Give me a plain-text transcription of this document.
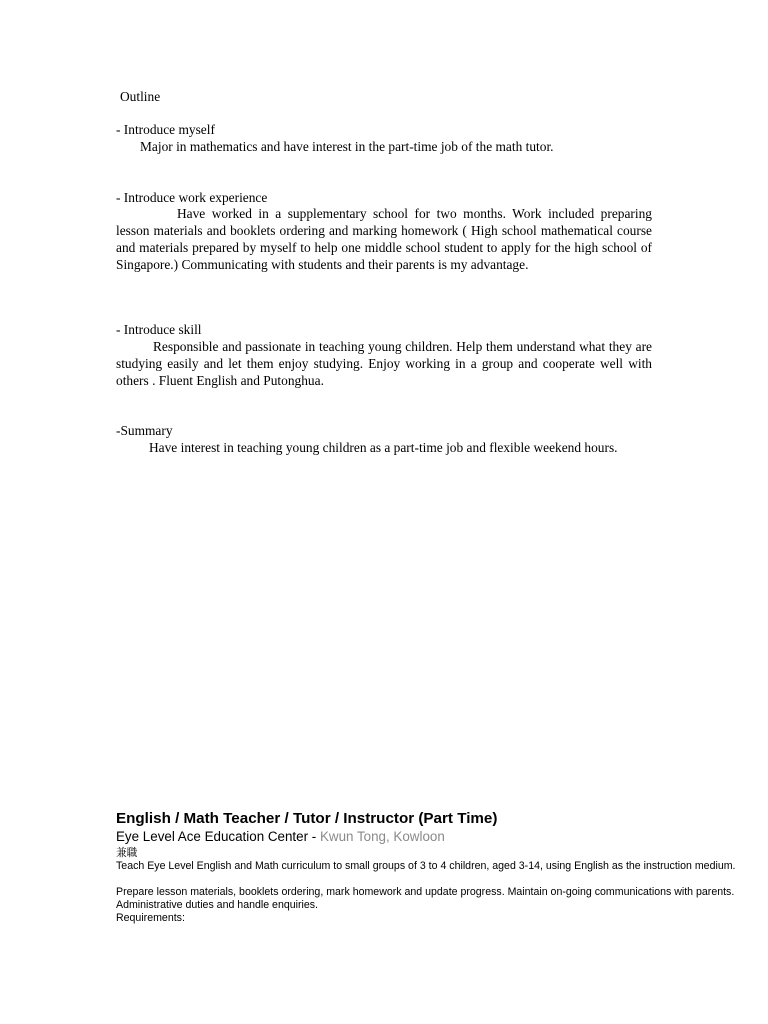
Outline
- Introduce myself
Major in mathematics and have interest in the part-time job of the math tutor.
- Introduce work experience
Have worked in a supplementary school for two months. Work included preparing lesson materials and booklets ordering and marking homework ( High school mathematical course and materials prepared by myself to help one middle school student to apply for the high school of Singapore.) Communicating with students and their parents is my advantage.
- Introduce skill
Responsible and passionate in teaching young children. Help them understand what they are studying easily and let them enjoy studying. Enjoy working in a group and cooperate well with others . Fluent English and Putonghua.
-Summary
Have interest in teaching young children as a part-time job and flexible weekend hours.
English / Math Teacher / Tutor / Instructor (Part Time)
Eye Level Ace Education Center - Kwun Tong, Kowloon
兼職
Teach Eye Level English and Math curriculum to small groups of 3 to 4 children, aged 3-14, using English as the instruction medium.
Prepare lesson materials, booklets ordering, mark homework and update progress. Maintain on-going communications with parents. Administrative duties and handle enquiries.
Requirements:
